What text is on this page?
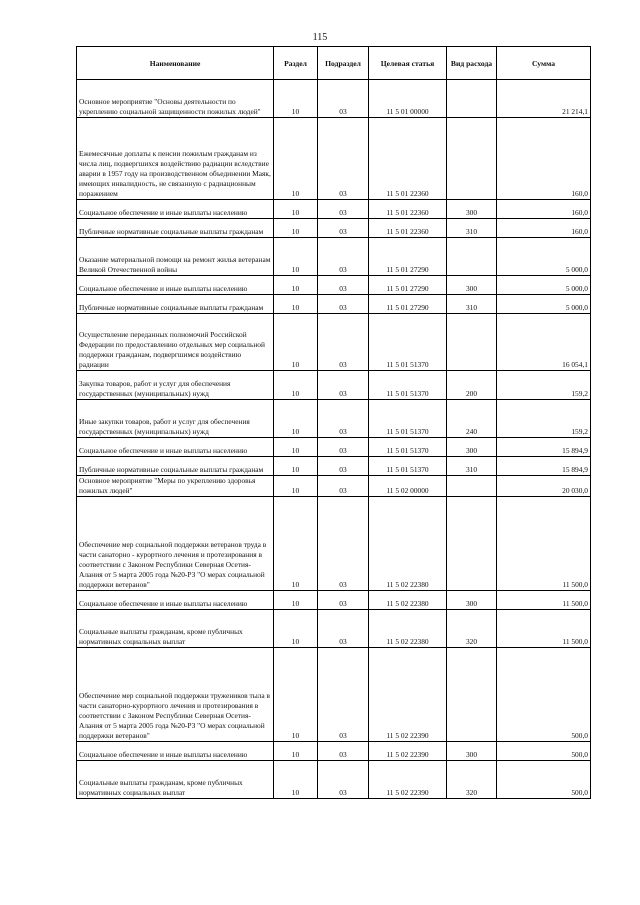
115
Наименование	Раздел	Подраздел	Целевая статья	Вид расхода	Сумма
Основное мероприятие "Основы деятельности по укреплению социальной защищенности пожилых людей"	10	03	11 5 01 00000		21 214,1
Ежемесячные доплаты к пенсии пожилым гражданам из числа лиц, подвергшихся воздействию радиации вследствие аварии в 1957 году на производственном объединении Маяк, имеющих инвалидность, не связанную с радиационным поражением	10	03	11 5 01 22360		160,0
Социальное обеспечение и иные выплаты населению	10	03	11 5 01 22360	300	160,0
Публичные нормативные социальные выплаты гражданам	10	03	11 5 01 22360	310	160,0
Оказание материальной помощи на ремонт жилья ветеранам Великой Отечественной войны	10	03	11 5 01 27290		5 000,0
Социальное обеспечение и иные выплаты населению	10	03	11 5 01 27290	300	5 000,0
Публичные нормативные социальные выплаты гражданам	10	03	11 5 01 27290	310	5 000,0
Осуществление переданных полномочий Российской Федерации по предоставлению отдельных мер социальной поддержки гражданам, подвергшимся воздействию радиации	10	03	11 5 01 51370		16 054,1
Закупка товаров, работ и услуг для обеспечения государственных (муниципальных) нужд	10	03	11 5 01 51370	200	159,2
Иные закупки товаров, работ и услуг для обеспечения государственных (муниципальных) нужд	10	03	11 5 01 51370	240	159,2
Социальное обеспечение и иные выплаты населению	10	03	11 5 01 51370	300	15 894,9
Публичные нормативные социальные выплаты гражданам	10	03	11 5 01 51370	310	15 894,9
Основное мероприятие "Меры по укреплению здоровья пожилых людей"	10	03	11 5 02 00000		20 030,0
Обеспечение мер социальной поддержки ветеранов труда в части санаторно - курортного лечения и протезирования в соответствии с Законом Республики Северная Осетия-Алания от 5 марта 2005 года №20-РЗ "О мерах социальной поддержки ветеранов"	10	03	11 5 02 22380		11 500,0
Социальное обеспечение и иные выплаты населению	10	03	11 5 02 22380	300	11 500,0
Социальные выплаты гражданам, кроме публичных нормативных социальных выплат	10	03	11 5 02 22380	320	11 500,0
Обеспечение мер социальной поддержки тружеников тыла в части санаторно-курортного лечения и протезирования в соответствии с Законом Республики Северная Осетия-Алания от 5 марта 2005 года №20-РЗ "О мерах социальной поддержки ветеранов"	10	03	11 5 02 22390		500,0
Социальное обеспечение и иные выплаты населению	10	03	11 5 02 22390	300	500,0
Социальные выплаты гражданам, кроме публичных нормативных социальных выплат	10	03	11 5 02 22390	320	500,0
